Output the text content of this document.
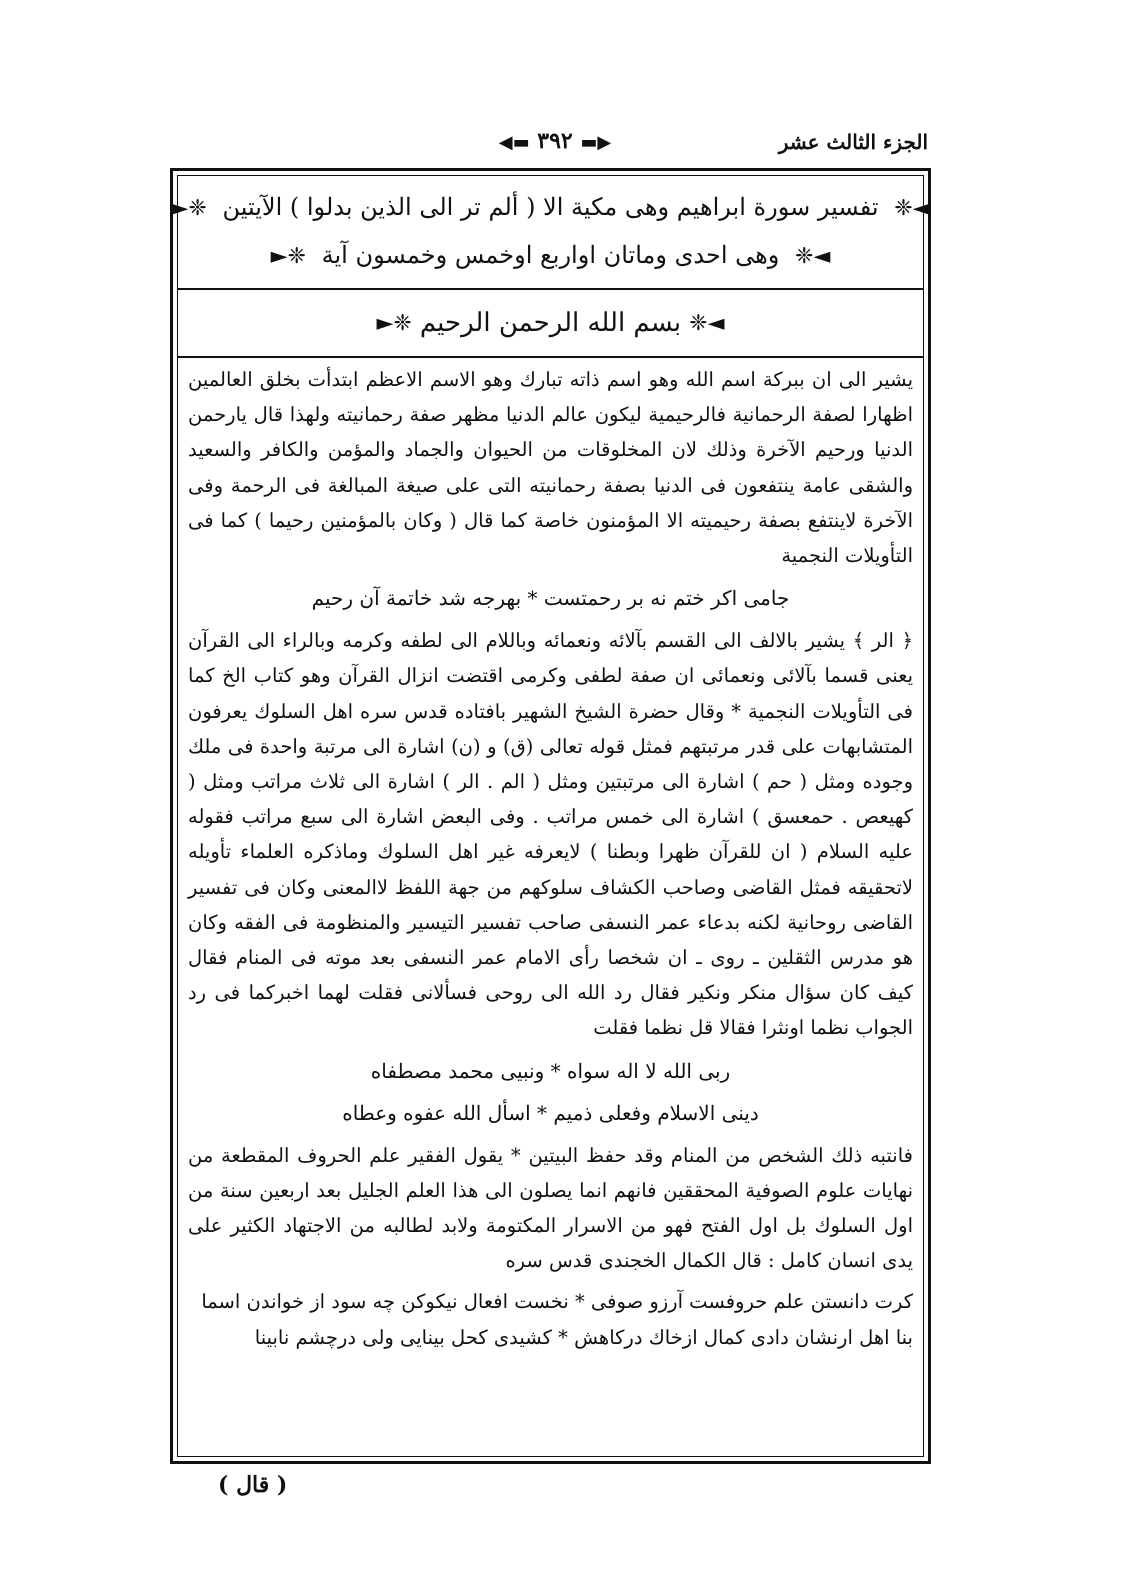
الجزء الثالث عشر
◀▬ ٣٩٢ ▬▶
◄❈ تفسير سورة ابراهيم وهى مكية الا ( ألم تر الى الذين بدلوا ) الآيتين ❈►
◄❈ وهى احدى وماتان اواربع اوخمس وخمسون آية ❈►
◄❈
بسم الله الرحمن الرحيم
❈►

يشير الى ان ببركة اسم الله وهو اسم ذاته تبارك وهو الاسم الاعظم ابتدأت بخلق العالمين اظهارا لصفة الرحمانية فالرحيمية ليكون عالم الدنيا مظهر صفة رحمانيته ولهذا قال يارحمن الدنيا ورحيم الآخرة وذلك لان المخلوقات من الحيوان والجماد والمؤمن والكافر والسعيد والشقى عامة ينتفعون فى الدنيا بصفة رحمانيته التى على صيغة المبالغة فى الرحمة وفى الآخرة لاينتفع بصفة رحيميته الا المؤمنون خاصة كما قال ( وكان بالمؤمنين رحيما ) كما فى التأويلات النجمية

جامى اكر ختم نه بر رحمتست * بهرجه شد خاتمة آن رحيم

﴿ الر ﴾ يشير بالالف الى القسم بآلائه ونعمائه وباللام الى لطفه وكرمه وبالراء الى القرآن يعنى قسما بآلائى ونعمائى ان صفة لطفى وكرمى اقتضت انزال القرآن وهو كتاب الخ كما فى التأويلات النجمية * وقال حضرة الشيخ الشهير بافتاده قدس سره اهل السلوك يعرفون المتشابهات على قدر مرتبتهم فمثل قوله تعالى (ق) و (ن) اشارة الى مرتبة واحدة فى ملك وجوده ومثل ( حم ) اشارة الى مرتبتين ومثل ( الم . الر ) اشارة الى ثلاث مراتب ومثل ( كهيعص . حمعسق ) اشارة الى خمس مراتب . وفى البعض اشارة الى سبع مراتب فقوله عليه السلام ( ان للقرآن ظهرا وبطنا ) لايعرفه غير اهل السلوك وماذكره العلماء تأويله لاتحقيقه فمثل القاضى وصاحب الكشاف سلوكهم من جهة اللفظ لاالمعنى وكان فى تفسير القاضى روحانية لكنه بدعاء عمر النسفى صاحب تفسير التيسير والمنظومة فى الفقه وكان هو مدرس الثقلين ـ روى ـ ان شخصا رأى الامام عمر النسفى بعد موته فى المنام فقال كيف كان سؤال منكر ونكير فقال رد الله الى روحى فسألانى فقلت لهما اخبركما فى رد الجواب نظما اونثرا فقالا قل نظما فقلت

ربى الله لا اله سواه * ونبيى محمد مصطفاه

دينى الاسلام وفعلى ذميم * اسأل الله عفوه وعطاه

فانتبه ذلك الشخص من المنام وقد حفظ البيتين * يقول الفقير علم الحروف المقطعة من نهايات علوم الصوفية المحققين فانهم انما يصلون الى هذا العلم الجليل بعد اربعين سنة من اول السلوك بل اول الفتح فهو من الاسرار المكتومة ولابد لطالبه من الاجتهاد الكثير على يدى انسان كامل : قال الكمال الخجندى قدس سره

كرت دانستن علم حروفست آرزو صوفى * نخست افعال نيكوكن چه سود از خواندن اسما

بنا اهل ارنشان دادى كمال ازخاك دركاهش * كشيدى كحل بينايى ولى درچشم نابينا

( قال )
